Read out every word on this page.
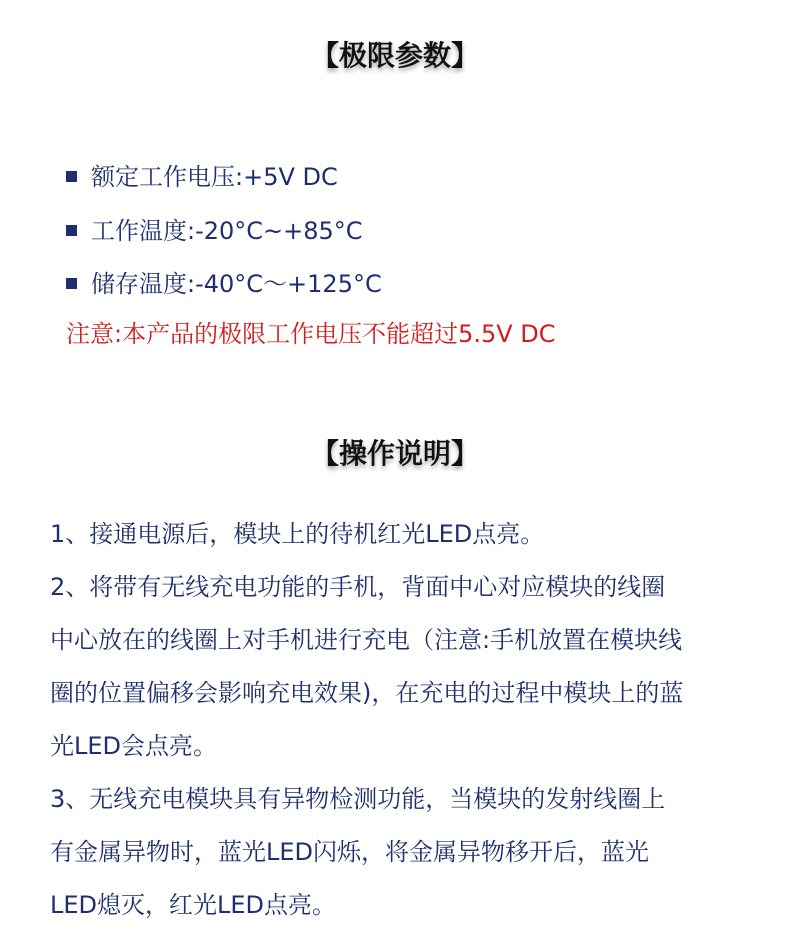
【极限参数】
额定工作电压:+5V DC
工作温度:-20°C~+85°C
储存温度:-40°C〜+125°C
注意:本产品的极限工作电压不能超过5.5V DC
【操作说明】
1、接通电源后，模块上的待机红光LED点亮。
2、将带有无线充电功能的手机，背面中心对应模块的线圈
中心放在的线圈上对手机进行充电（注意:手机放置在模块线
圈的位置偏移会影响充电效果)，在充电的过程中模块上的蓝
光LED会点亮。
3、无线充电模块具有异物检测功能，当模块的发射线圈上
有金属异物时，蓝光LED闪烁，将金属异物移开后，蓝光
LED熄灭，红光LED点亮。
